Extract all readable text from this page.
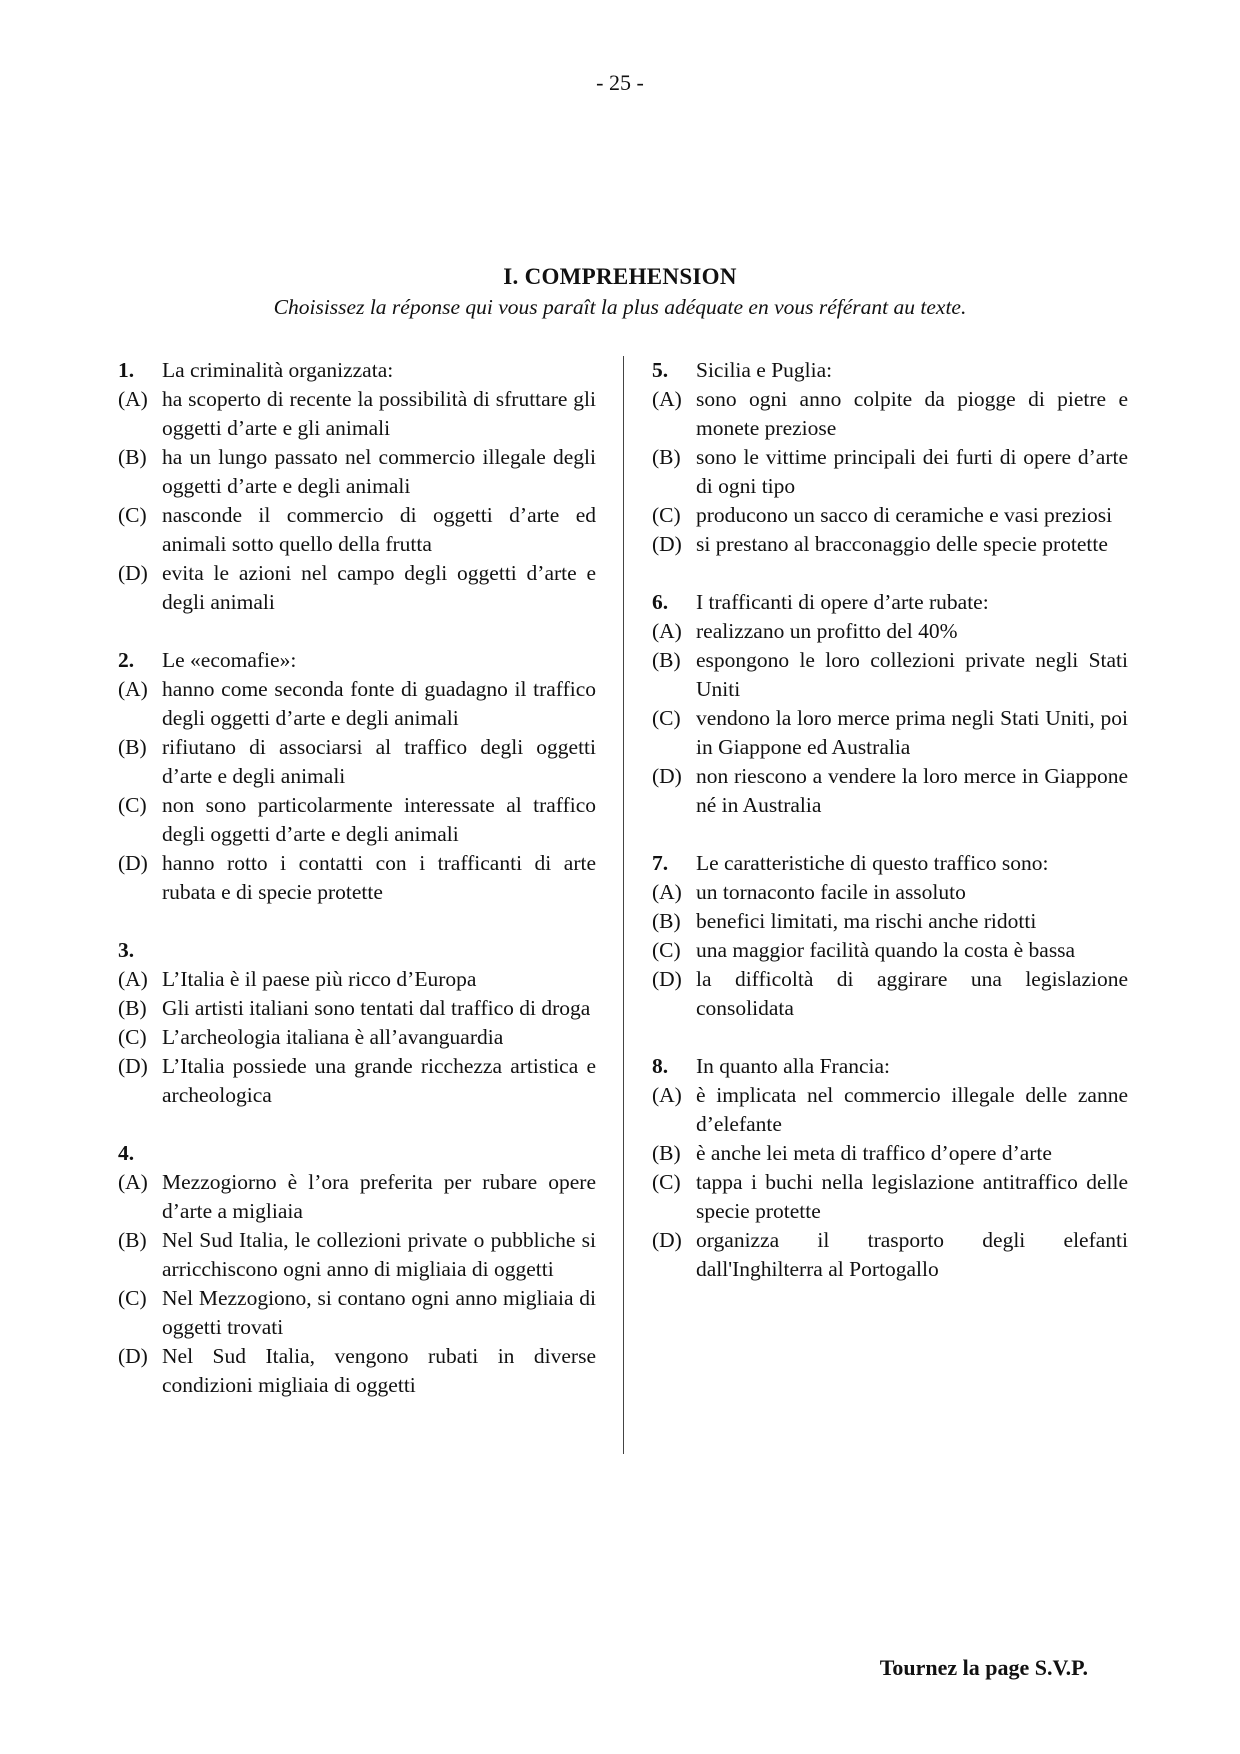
- 25 -
I. COMPREHENSION
Choisissez la réponse qui vous paraît la plus adéquate en vous référant au texte.
1.	La criminalità organizzata:
(A) ha scoperto di recente la possibilità di sfruttare gli oggetti d’arte e gli animali
(B) ha un lungo passato nel commercio illegale degli oggetti d’arte e degli animali
(C) nasconde il commercio di oggetti d’arte ed animali sotto quello della frutta
(D) evita le azioni nel campo degli oggetti d’arte e degli animali
2.	Le «ecomafie»:
(A) hanno come seconda fonte di guadagno il traffico degli oggetti d’arte e degli animali
(B) rifiutano di associarsi al traffico degli oggetti d’arte e degli animali
(C) non sono particolarmente interessate al traffico degli oggetti d’arte e degli animali
(D) hanno rotto i contatti con i trafficanti di arte rubata e di specie protette
3.
(A) L’Italia è il paese più ricco d’Europa
(B) Gli artisti italiani sono tentati dal traffico di droga
(C) L’archeologia italiana è all’avanguardia
(D) L’Italia possiede una grande ricchezza artistica e archeologica
4.
(A) Mezzogiorno è l’ora preferita per rubare opere d’arte a migliaia
(B) Nel Sud Italia, le collezioni private o pubbliche si arricchiscono ogni anno di migliaia di oggetti
(C) Nel Mezzogiono, si contano ogni anno migliaia di oggetti trovati
(D) Nel Sud Italia, vengono rubati in diverse condizioni migliaia di oggetti
5.	Sicilia e Puglia:
(A) sono ogni anno colpite da piogge di pietre e monete preziose
(B) sono le vittime principali dei furti di opere d’arte di ogni tipo
(C) producono un sacco di ceramiche e vasi preziosi
(D) si prestano al bracconaggio delle specie protette
6.	I trafficanti di opere d’arte rubate:
(A) realizzano un profitto del 40%
(B) espongono le loro collezioni private negli Stati Uniti
(C) vendono la loro merce prima negli Stati Uniti, poi in Giappone ed Australia
(D) non riescono a vendere la loro merce in Giappone né in Australia
7.	Le caratteristiche di questo traffico sono:
(A) un tornaconto facile in assoluto
(B) benefici limitati, ma rischi anche ridotti
(C) una maggior facilità quando la costa è bassa
(D) la difficoltà di aggirare una legislazione consolidata
8.	In quanto alla Francia:
(A) è implicata nel commercio illegale delle zanne d’elefante
(B) è anche lei meta di traffico d’opere d’arte
(C) tappa i buchi nella legislazione antitraffico delle specie protette
(D) organizza il trasporto degli elefanti dall'Inghilterra al Portogallo
Tournez la page S.V.P.
